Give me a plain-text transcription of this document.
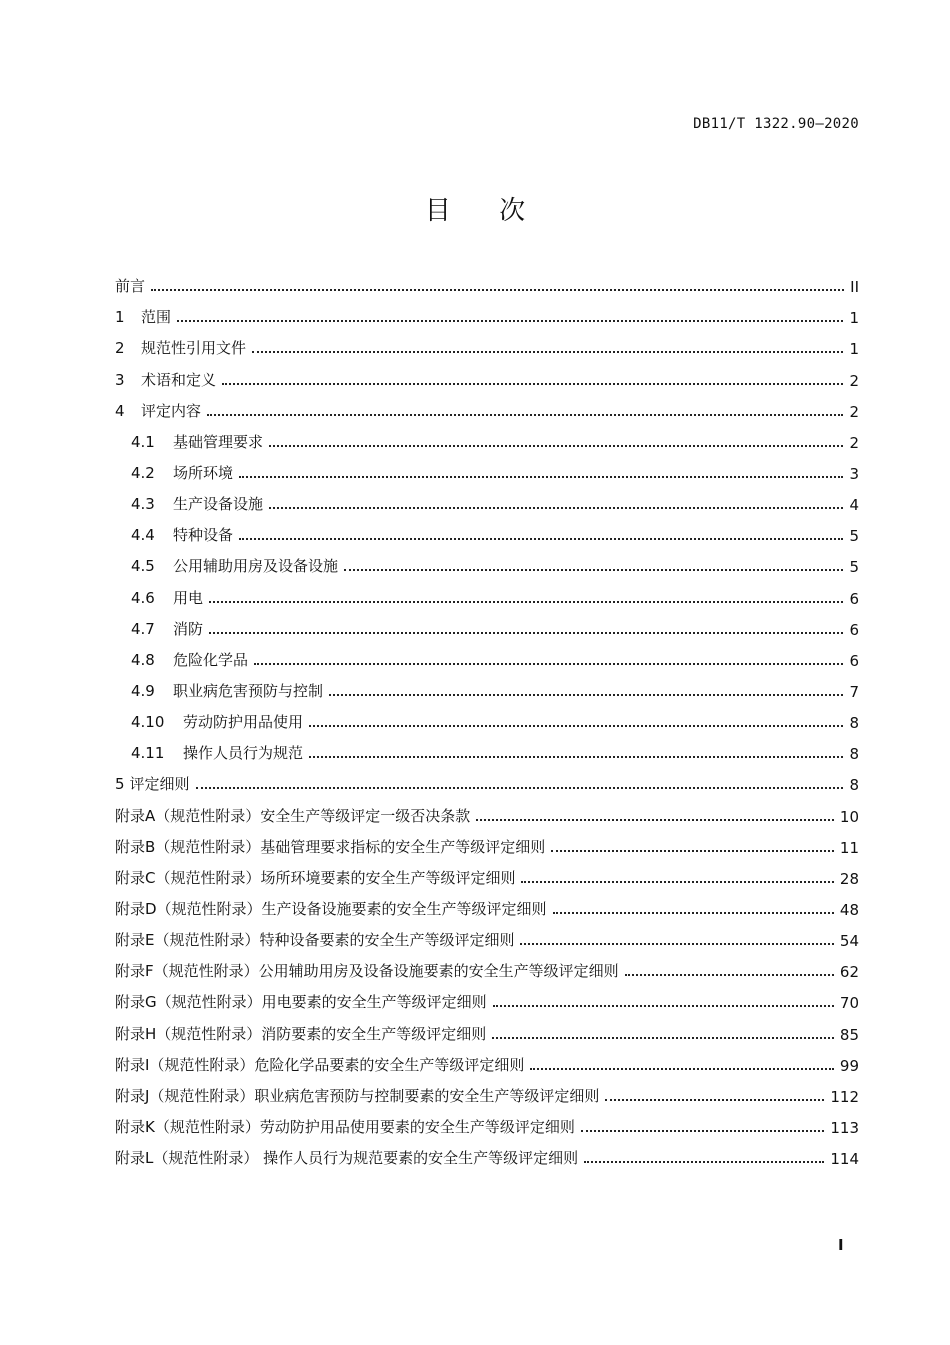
DB11/T 1322.90—2020
目 次
前言	II
1 范围	1
2 规范性引用文件	1
3 术语和定义	2
4 评定内容	2
4.1 基础管理要求	2
4.2 场所环境	3
4.3 生产设备设施	4
4.4 特种设备	5
4.5 公用辅助用房及设备设施	5
4.6 用电	6
4.7 消防	6
4.8 危险化学品	6
4.9 职业病危害预防与控制	7
4.10 劳动防护用品使用	8
4.11 操作人员行为规范	8
5 评定细则	8
附录A（规范性附录）安全生产等级评定一级否决条款	10
附录B（规范性附录）基础管理要求指标的安全生产等级评定细则	11
附录C（规范性附录）场所环境要素的安全生产等级评定细则	28
附录D（规范性附录）生产设备设施要素的安全生产等级评定细则	48
附录E（规范性附录）特种设备要素的安全生产等级评定细则	54
附录F（规范性附录）公用辅助用房及设备设施要素的安全生产等级评定细则	62
附录G（规范性附录）用电要素的安全生产等级评定细则	70
附录H（规范性附录）消防要素的安全生产等级评定细则	85
附录Ⅰ（规范性附录）危险化学品要素的安全生产等级评定细则	99
附录J（规范性附录）职业病危害预防与控制要素的安全生产等级评定细则	112
附录K（规范性附录）劳动防护用品使用要素的安全生产等级评定细则	113
附录L（规范性附录） 操作人员行为规范要素的安全生产等级评定细则	114
I
